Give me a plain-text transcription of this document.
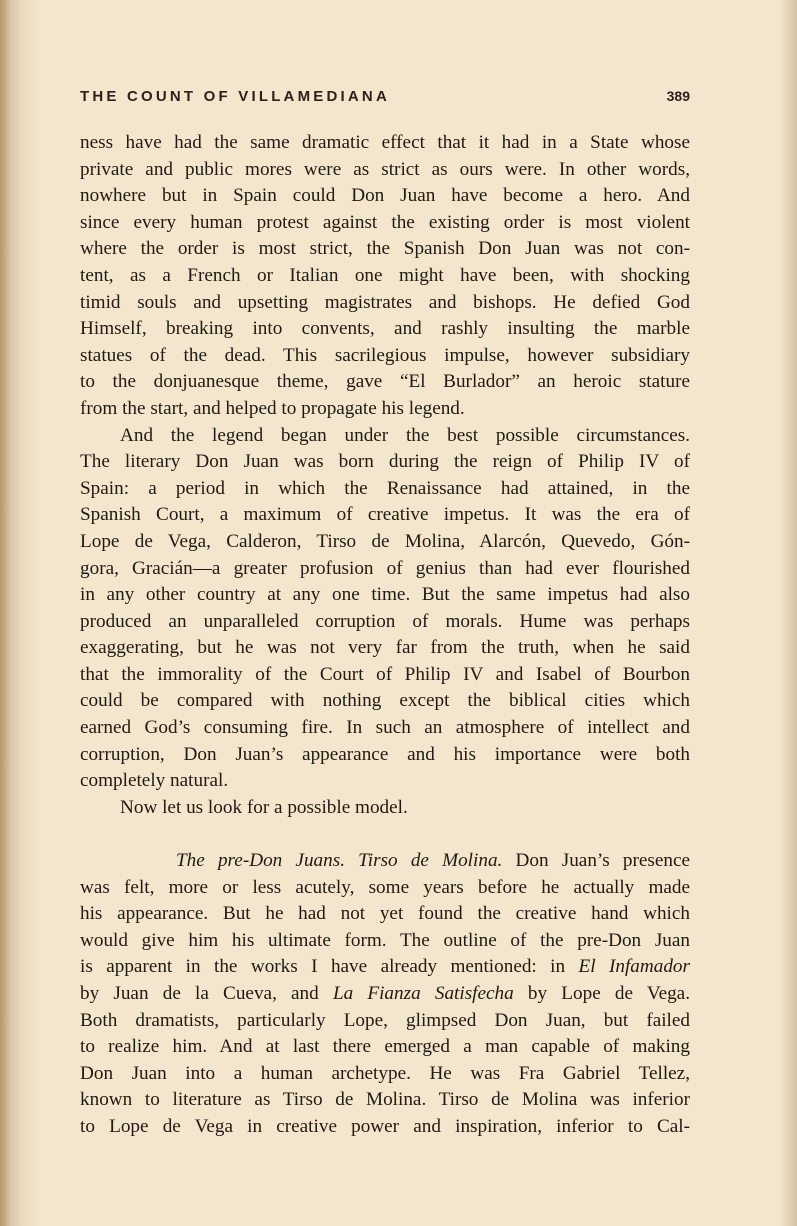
THE COUNT OF VILLAMEDIANA	389
ness have had the same dramatic effect that it had in a State whose
private and public mores were as strict as ours were. In other words,
nowhere but in Spain could Don Juan have become a hero. And
since every human protest against the existing order is most violent
where the order is most strict, the Spanish Don Juan was not con-
tent, as a French or Italian one might have been, with shocking
timid souls and upsetting magistrates and bishops. He defied God
Himself, breaking into convents, and rashly insulting the marble
statues of the dead. This sacrilegious impulse, however subsidiary
to the donjuanesque theme, gave “El Burlador” an heroic stature
from the start, and helped to propagate his legend.
And the legend began under the best possible circumstances.
The literary Don Juan was born during the reign of Philip IV of
Spain: a period in which the Renaissance had attained, in the
Spanish Court, a maximum of creative impetus. It was the era of
Lope de Vega, Calderon, Tirso de Molina, Alarcón, Quevedo, Gón-
gora, Gracián—a greater profusion of genius than had ever flourished
in any other country at any one time. But the same impetus had also
produced an unparalleled corruption of morals. Hume was perhaps
exaggerating, but he was not very far from the truth, when he said
that the immorality of the Court of Philip IV and Isabel of Bourbon
could be compared with nothing except the biblical cities which
earned God’s consuming fire. In such an atmosphere of intellect and
corruption, Don Juan’s appearance and his importance were both
completely natural.
Now let us look for a possible model.
The pre-Don Juans. Tirso de Molina. Don Juan’s presence
was felt, more or less acutely, some years before he actually made
his appearance. But he had not yet found the creative hand which
would give him his ultimate form. The outline of the pre-Don Juan
is apparent in the works I have already mentioned: in El Infamador
by Juan de la Cueva, and La Fianza Satisfecha by Lope de Vega.
Both dramatists, particularly Lope, glimpsed Don Juan, but failed
to realize him. And at last there emerged a man capable of making
Don Juan into a human archetype. He was Fra Gabriel Tellez,
known to literature as Tirso de Molina. Tirso de Molina was inferior
to Lope de Vega in creative power and inspiration, inferior to Cal-
